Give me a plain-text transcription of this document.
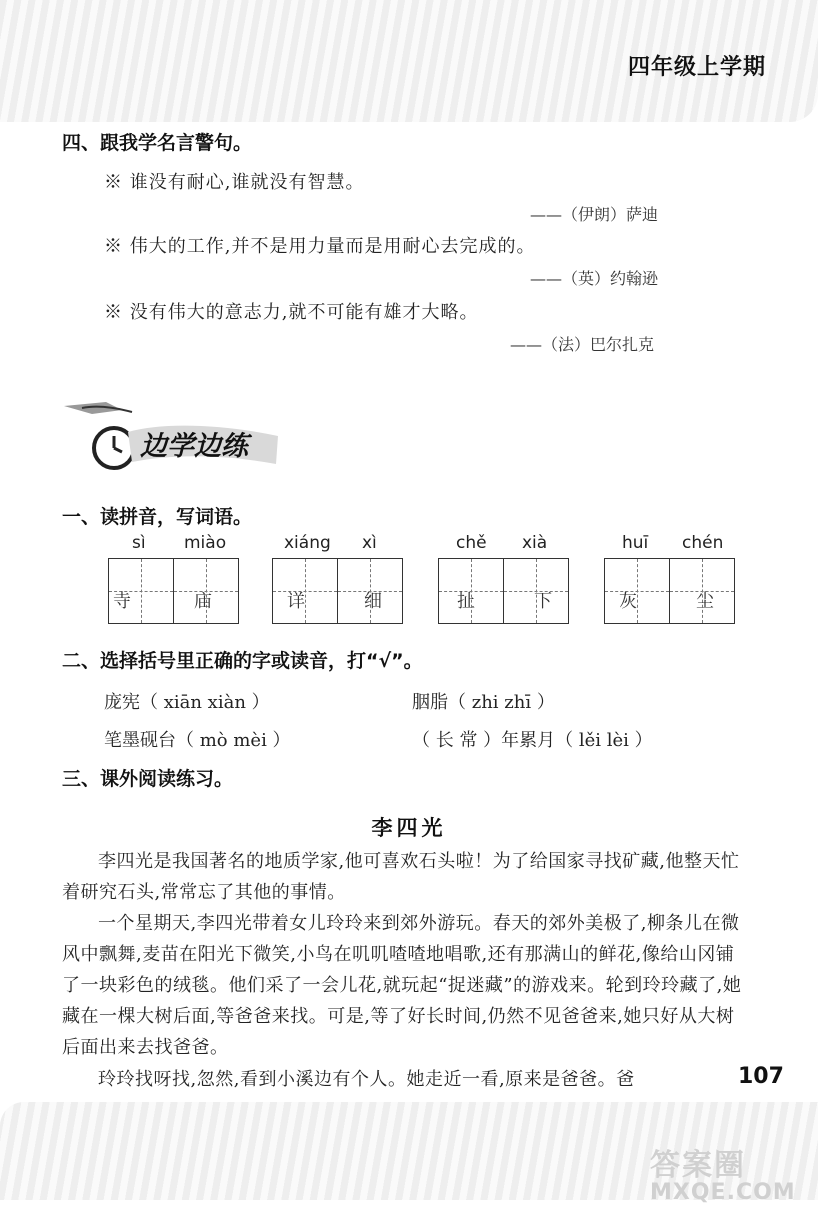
四年级上学期
四、跟我学名言警句。
※ 谁没有耐心,谁就没有智慧。
——（伊朗）萨迪
※ 伟大的工作,并不是用力量而是用耐心去完成的。
——（英）约翰逊
※ 没有伟大的意志力,就不可能有雄才大略。
——（法）巴尔扎克
边学边练
一、读拼音，写词语。
sì miào
寺	庙
xiáng xì
详	细
chě xià
扯	下
huī chén
灰	尘
二、选择括号里正确的字或读音，打“√”。
庞宪（ xiān xiàn ）	胭脂（ zhi zhī ）
笔墨砚台（ mò mèi ）	（ 长 常 ）年累月（ lěi lèi ）
三、课外阅读练习。
李四光

李四光是我国著名的地质学家,他可喜欢石头啦！为了给国家寻找矿藏,他整天忙着研究石头,常常忘了其他的事情。

一个星期天,李四光带着女儿玲玲来到郊外游玩。春天的郊外美极了,柳条儿在微风中飘舞,麦苗在阳光下微笑,小鸟在叽叽喳喳地唱歌,还有那满山的鲜花,像给山冈铺了一块彩色的绒毯。他们采了一会儿花,就玩起“捉迷藏”的游戏来。轮到玲玲藏了,她藏在一棵大树后面,等爸爸来找。可是,等了好长时间,仍然不见爸爸来,她只好从大树后面出来去找爸爸。

玲玲找呀找,忽然,看到小溪边有个人。她走近一看,原来是爸爸。爸	107
答案圈
MXQE.COM
